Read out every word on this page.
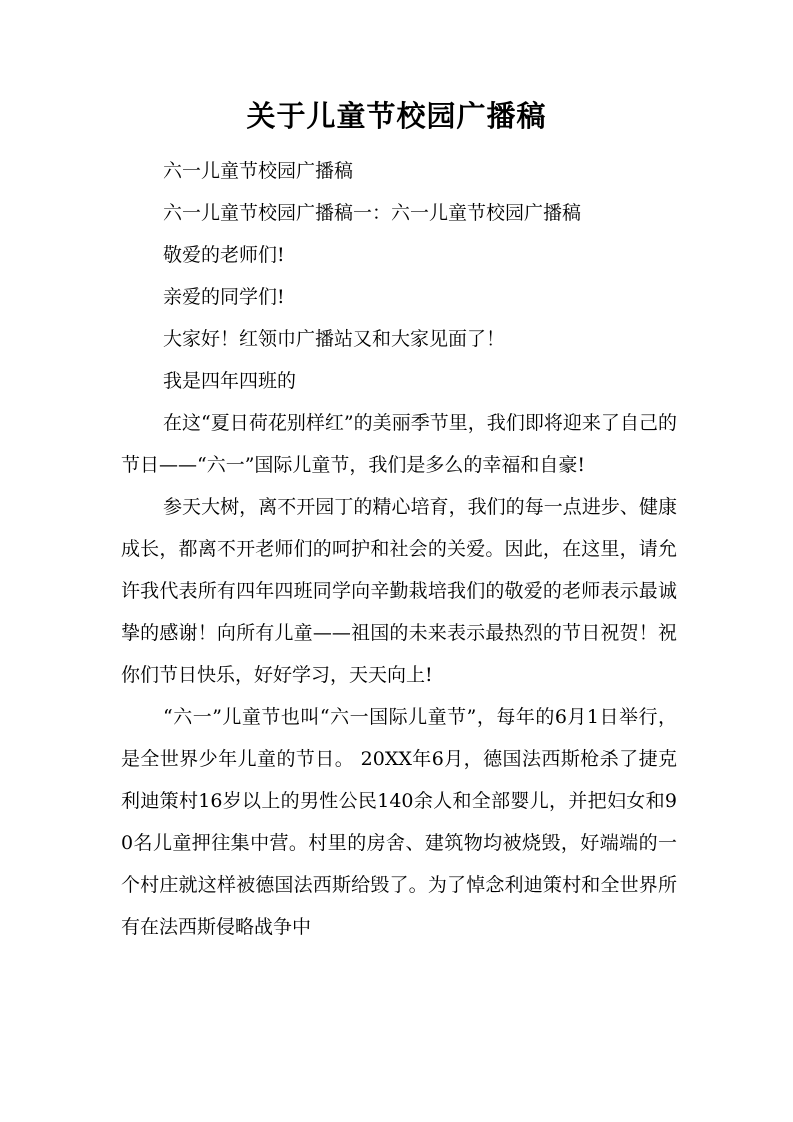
关于儿童节校园广播稿

六一儿童节校园广播稿

六一儿童节校园广播稿一：六一儿童节校园广播稿

敬爱的老师们!

亲爱的同学们!

大家好！红领巾广播站又和大家见面了！

我是四年四班的

在这“夏日荷花别样红”的美丽季节里，我们即将迎来了自己的节日——“六一”国际儿童节，我们是多么的幸福和自豪!

参天大树，离不开园丁的精心培育，我们的每一点进步、健康成长，都离不开老师们的呵护和社会的关爱。因此，在这里，请允许我代表所有四年四班同学向辛勤栽培我们的敬爱的老师表示最诚挚的感谢！向所有儿童——祖国的未来表示最热烈的节日祝贺！祝你们节日快乐，好好学习，天天向上!

“六一”儿童节也叫“六一国际儿童节”，每年的6月1日举行，是全世界少年儿童的节日。 20XX年6月，德国法西斯枪杀了捷克利迪策村16岁以上的男性公民140余人和全部婴儿，并把妇女和90名儿童押往集中营。村里的房舍、建筑物均被烧毁，好端端的一个村庄就这样被德国法西斯给毁了。为了悼念利迪策村和全世界所有在法西斯侵略战争中
